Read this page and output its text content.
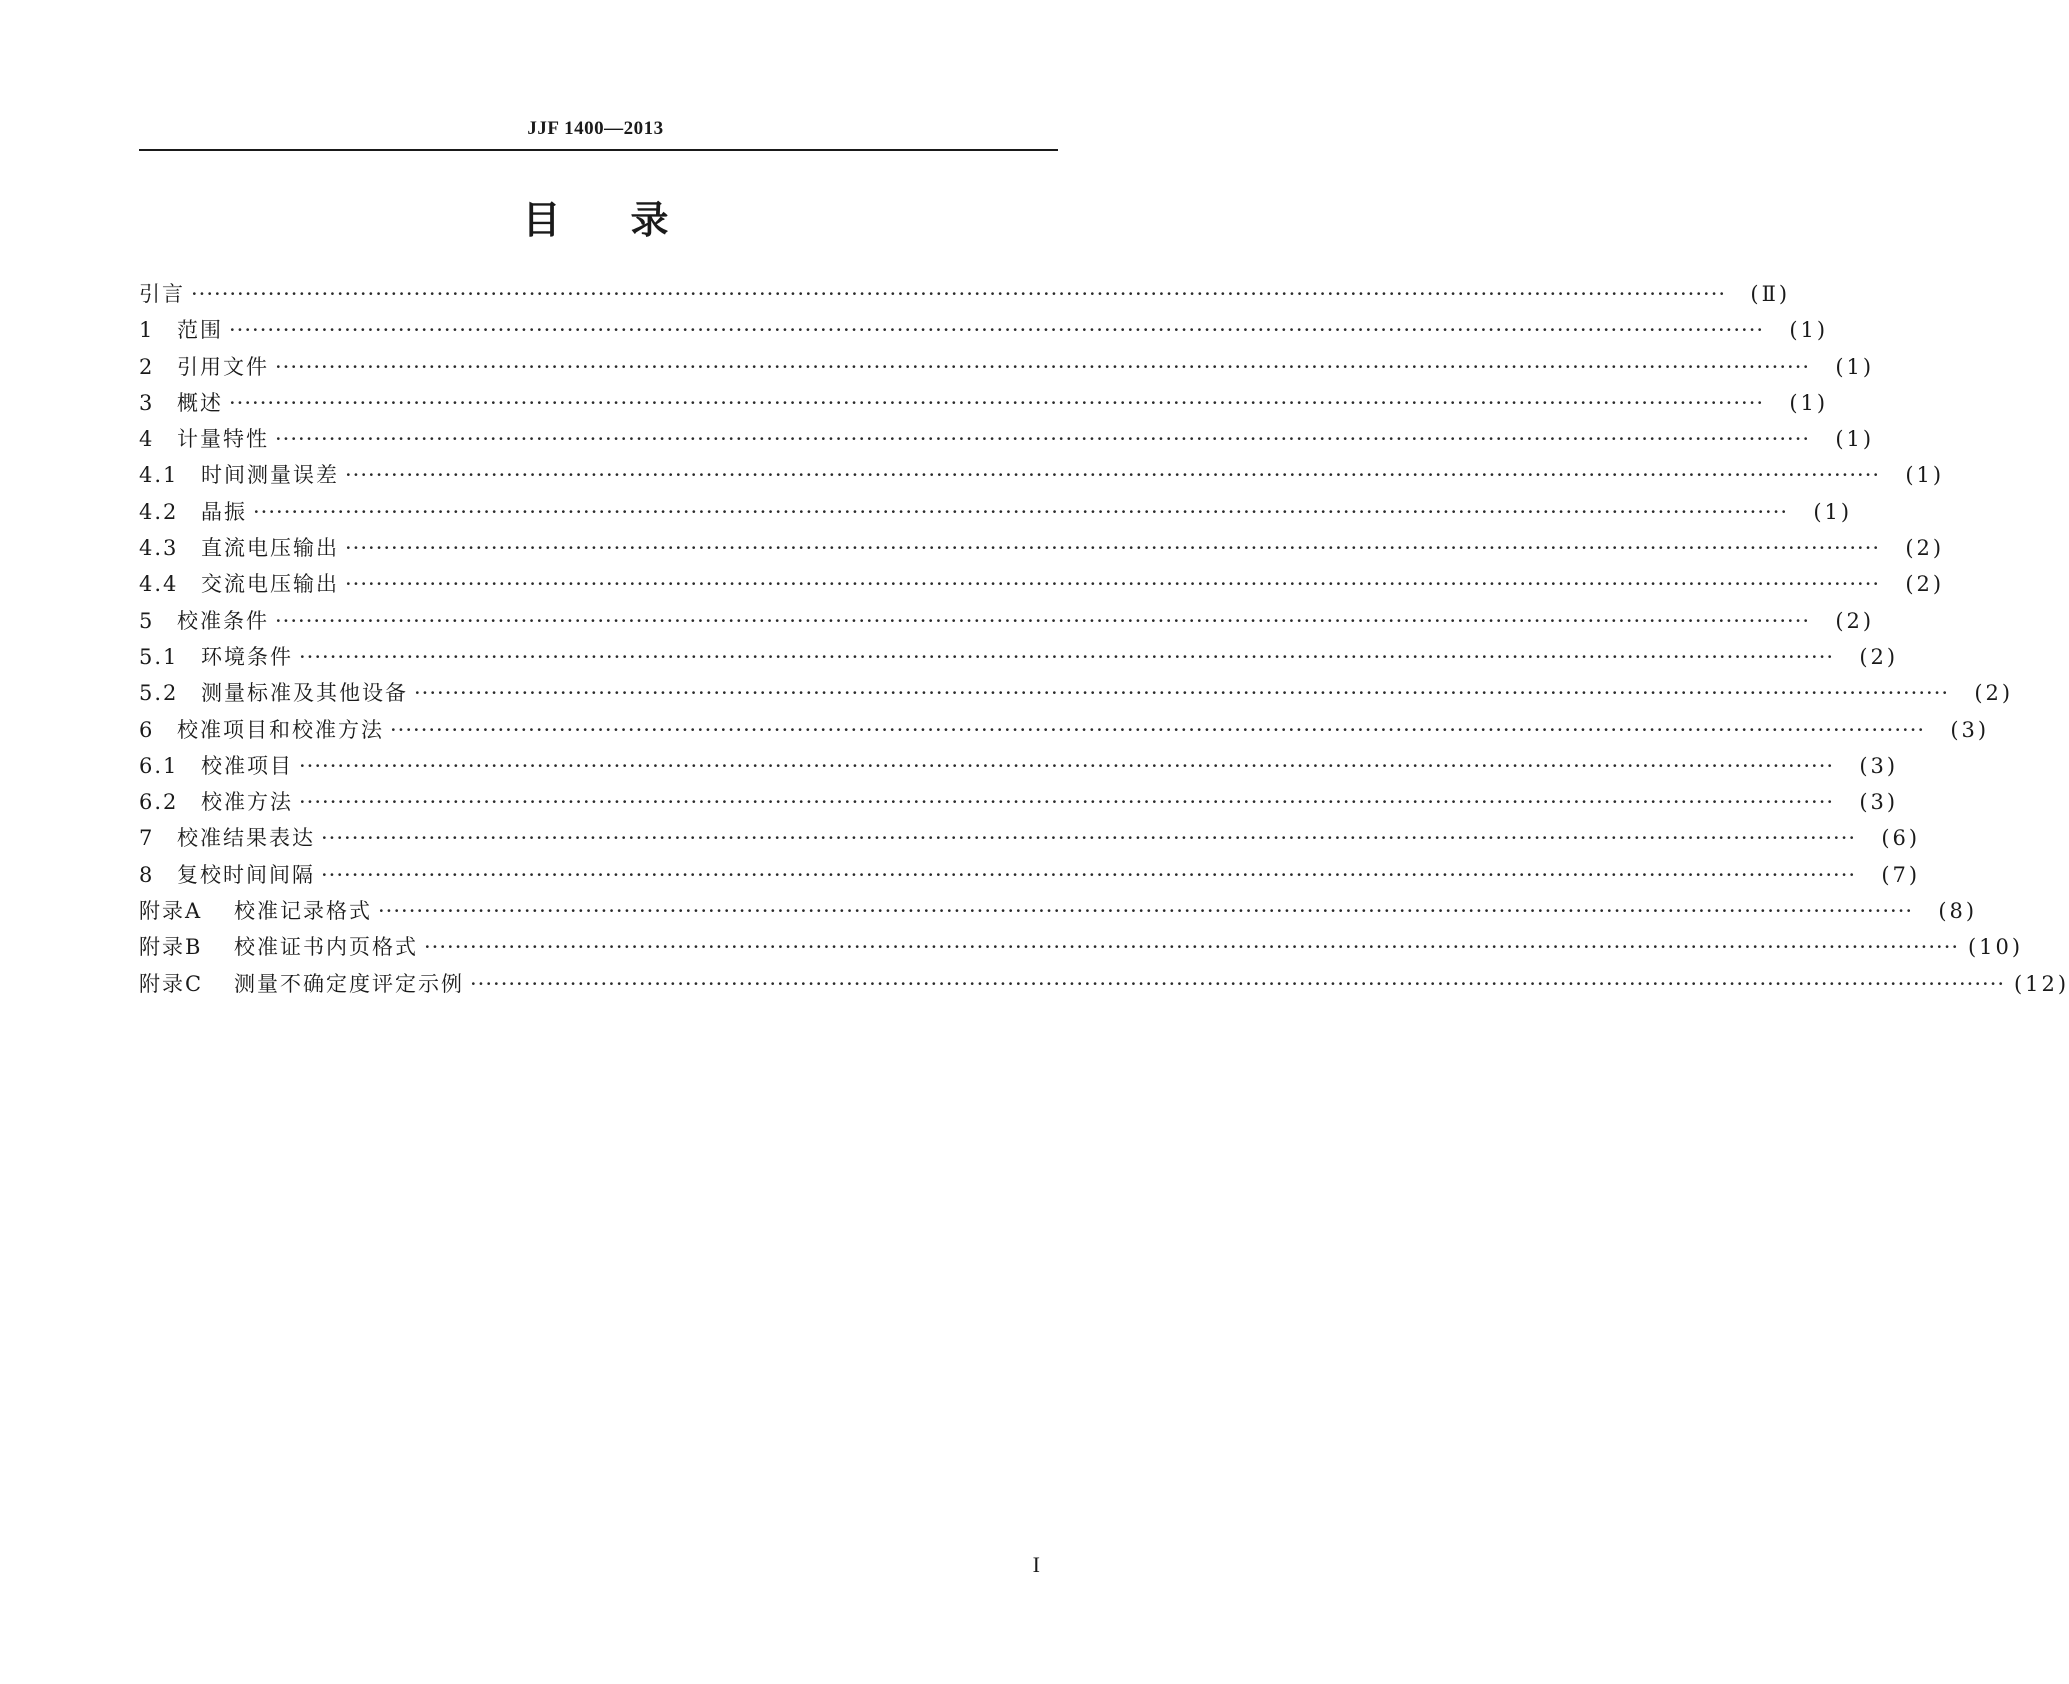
JJF 1400—2013
目 录
引言 ········································································································································································································	(Ⅱ)
1	范围 ········································································································································································································	(1)
2	引用文件 ········································································································································································································	(1)
3	概述 ········································································································································································································	(1)
4	计量特性 ········································································································································································································	(1)
4.1	时间测量误差 ········································································································································································································	(1)
4.2	晶振 ········································································································································································································	(1)
4.3	直流电压输出 ········································································································································································································	(2)
4.4	交流电压输出 ········································································································································································································	(2)
5	校准条件 ········································································································································································································	(2)
5.1	环境条件 ········································································································································································································	(2)
5.2	测量标准及其他设备 ········································································································································································································	(2)
6	校准项目和校准方法 ········································································································································································································	(3)
6.1	校准项目 ········································································································································································································	(3)
6.2	校准方法 ········································································································································································································	(3)
7	校准结果表达 ········································································································································································································	(6)
8	复校时间间隔 ········································································································································································································	(7)
附录A	校准记录格式 ········································································································································································································	(8)
附录B	校准证书内页格式 ········································································································································································································ (10)
附录C	测量不确定度评定示例 ········································································································································································································ (12)
I
